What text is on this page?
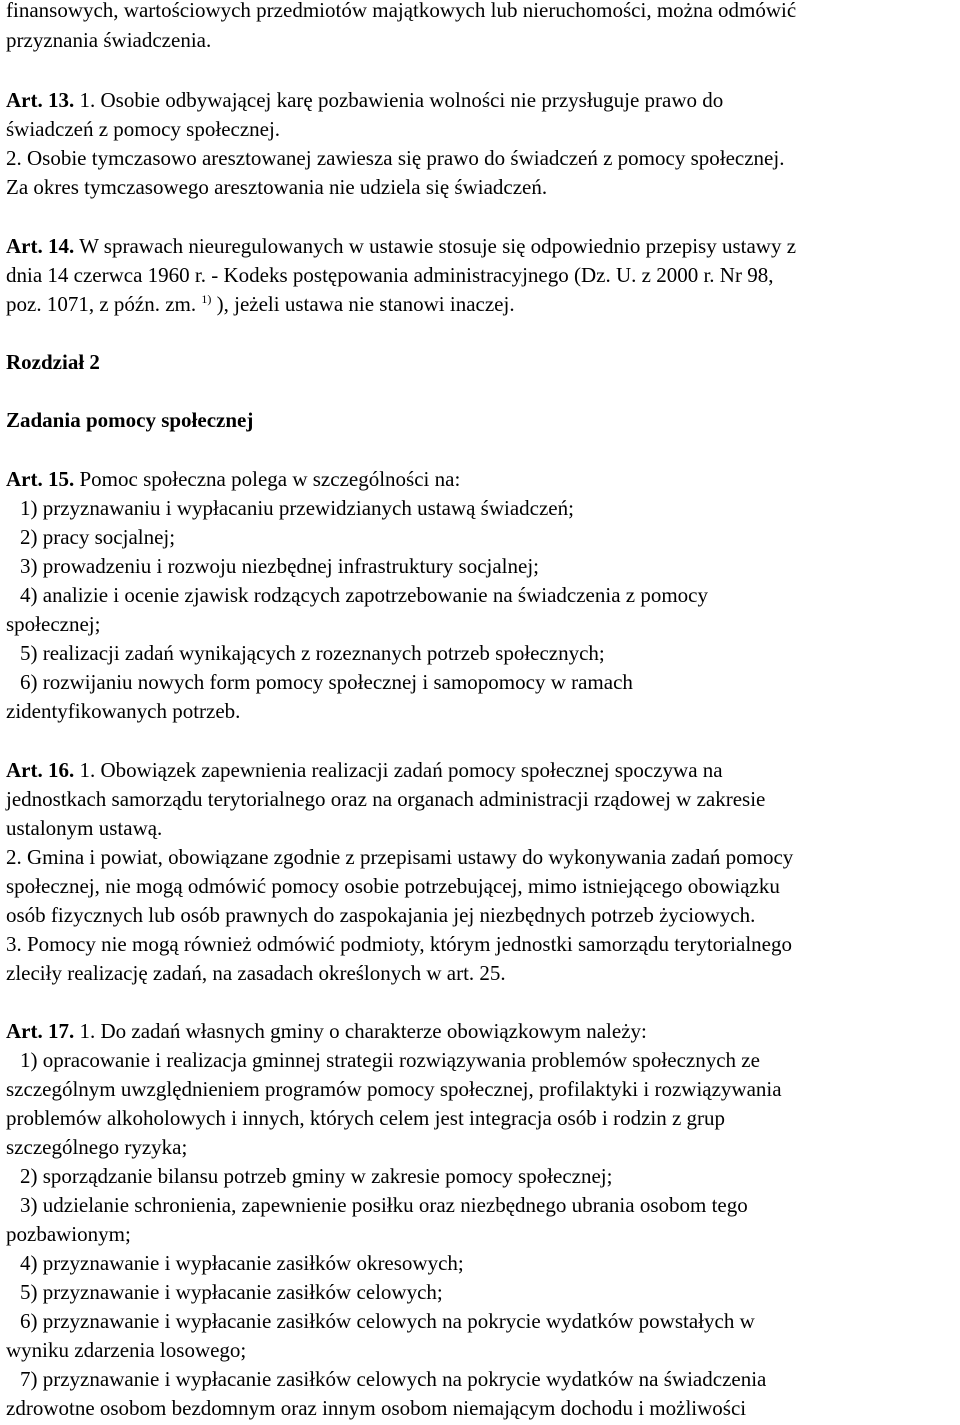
finansowych, wartościowych przedmiotów majątkowych lub nieruchomości, można odmówić
przyznania świadczenia.
Art. 13. 1. Osobie odbywającej karę pozbawienia wolności nie przysługuje prawo do
świadczeń z pomocy społecznej.
2. Osobie tymczasowo aresztowanej zawiesza się prawo do świadczeń z pomocy społecznej.
Za okres tymczasowego aresztowania nie udziela się świadczeń.
Art. 14. W sprawach nieuregulowanych w ustawie stosuje się odpowiednio przepisy ustawy z
dnia 14 czerwca 1960 r. - Kodeks postępowania administracyjnego (Dz. U. z 2000 r. Nr 98,
poz. 1071, z późn. zm. $^{1)}$ ), jeżeli ustawa nie stanowi inaczej.
Rozdział 2
Zadania pomocy społecznej
Art. 15. Pomoc społeczna polega w szczególności na:
1) przyznawaniu i wypłacaniu przewidzianych ustawą świadczeń;
2) pracy socjalnej;
3) prowadzeniu i rozwoju niezbędnej infrastruktury socjalnej;
4) analizie i ocenie zjawisk rodzących zapotrzebowanie na świadczenia z pomocy
społecznej;
5) realizacji zadań wynikających z rozeznanych potrzeb społecznych;
6) rozwijaniu nowych form pomocy społecznej i samopomocy w ramach
zidentyfikowanych potrzeb.
Art. 16. 1. Obowiązek zapewnienia realizacji zadań pomocy społecznej spoczywa na
jednostkach samorządu terytorialnego oraz na organach administracji rządowej w zakresie
ustalonym ustawą.
2. Gmina i powiat, obowiązane zgodnie z przepisami ustawy do wykonywania zadań pomocy
społecznej, nie mogą odmówić pomocy osobie potrzebującej, mimo istniejącego obowiązku
osób fizycznych lub osób prawnych do zaspokajania jej niezbędnych potrzeb życiowych.
3. Pomocy nie mogą również odmówić podmioty, którym jednostki samorządu terytorialnego
zleciły realizację zadań, na zasadach określonych w art. 25.
Art. 17. 1. Do zadań własnych gminy o charakterze obowiązkowym należy:
1) opracowanie i realizacja gminnej strategii rozwiązywania problemów społecznych ze
szczególnym uwzględnieniem programów pomocy społecznej, profilaktyki i rozwiązywania
problemów alkoholowych i innych, których celem jest integracja osób i rodzin z grup
szczególnego ryzyka;
2) sporządzanie bilansu potrzeb gminy w zakresie pomocy społecznej;
3) udzielanie schronienia, zapewnienie posiłku oraz niezbędnego ubrania osobom tego
pozbawionym;
4) przyznawanie i wypłacanie zasiłków okresowych;
5) przyznawanie i wypłacanie zasiłków celowych;
6) przyznawanie i wypłacanie zasiłków celowych na pokrycie wydatków powstałych w
wyniku zdarzenia losowego;
7) przyznawanie i wypłacanie zasiłków celowych na pokrycie wydatków na świadczenia
zdrowotne osobom bezdomnym oraz innym osobom niemającym dochodu i możliwości
